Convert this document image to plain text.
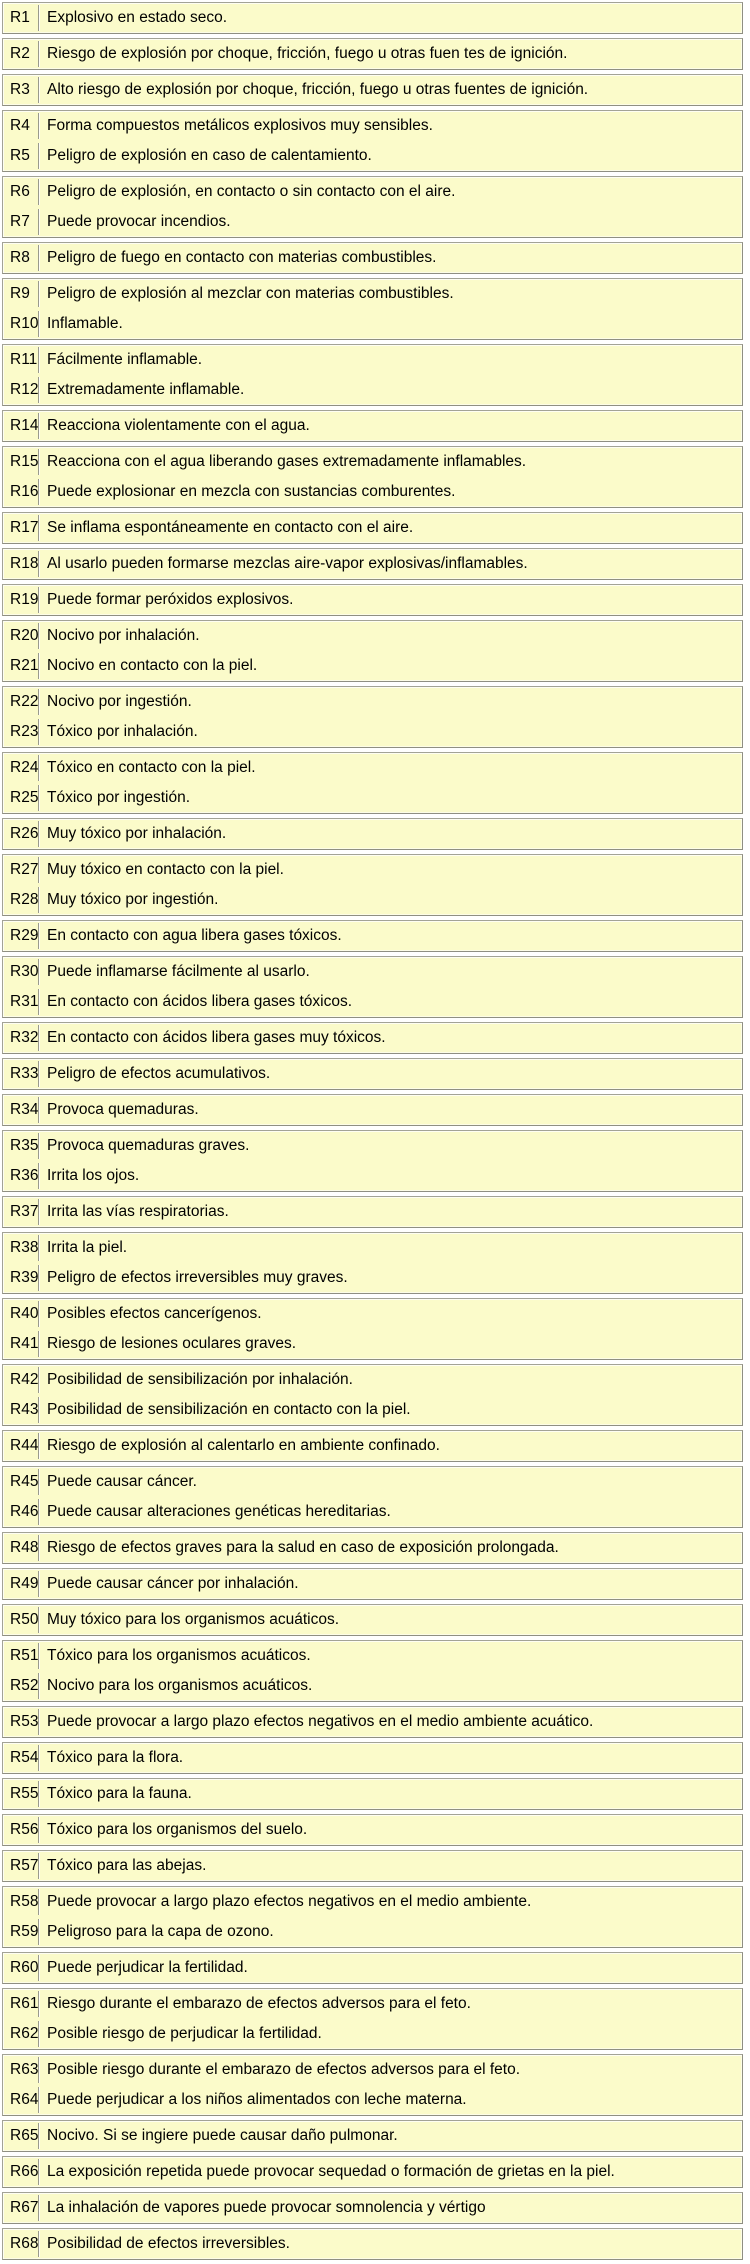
R1	Explosivo en estado seco.
R2	Riesgo de explosión por choque, fricción, fuego u otras fuen tes de ignición.
R3	Alto riesgo de explosión por choque, fricción, fuego u otras fuentes de ignición.
R4	Forma compuestos metálicos explosivos muy sensibles.
R5	Peligro de explosión en caso de calentamiento.
R6	Peligro de explosión, en contacto o sin contacto con el aire.
R7	Puede provocar incendios.
R8	Peligro de fuego en contacto con materias combustibles.
R9	Peligro de explosión al mezclar con materias combustibles.
R10 Inflamable.
R11 Fácilmente inflamable.
R12 Extremadamente inflamable.
R14 Reacciona violentamente con el agua.
R15 Reacciona con el agua liberando gases extremadamente inflamables.
R16 Puede explosionar en mezcla con sustancias comburentes.
R17 Se inflama espontáneamente en contacto con el aire.
R18 Al usarlo pueden formarse mezclas aire-vapor explosivas/inflamables.
R19 Puede formar peróxidos explosivos.
R20 Nocivo por inhalación.
R21 Nocivo en contacto con la piel.
R22 Nocivo por ingestión.
R23 Tóxico por inhalación.
R24 Tóxico en contacto con la piel.
R25 Tóxico por ingestión.
R26 Muy tóxico por inhalación.
R27 Muy tóxico en contacto con la piel.
R28 Muy tóxico por ingestión.
R29 En contacto con agua libera gases tóxicos.
R30 Puede inflamarse fácilmente al usarlo.
R31 En contacto con ácidos libera gases tóxicos.
R32 En contacto con ácidos libera gases muy tóxicos.
R33 Peligro de efectos acumulativos.
R34 Provoca quemaduras.
R35 Provoca quemaduras graves.
R36 Irrita los ojos.
R37 Irrita las vías respiratorias.
R38 Irrita la piel.
R39 Peligro de efectos irreversibles muy graves.
R40 Posibles efectos cancerígenos.
R41 Riesgo de lesiones oculares graves.
R42 Posibilidad de sensibilización por inhalación.
R43 Posibilidad de sensibilización en contacto con la piel.
R44 Riesgo de explosión al calentarlo en ambiente confinado.
R45 Puede causar cáncer.
R46 Puede causar alteraciones genéticas hereditarias.
R48 Riesgo de efectos graves para la salud en caso de exposición prolongada.
R49 Puede causar cáncer por inhalación.
R50 Muy tóxico para los organismos acuáticos.
R51 Tóxico para los organismos acuáticos.
R52 Nocivo para los organismos acuáticos.
R53 Puede provocar a largo plazo efectos negativos en el medio ambiente acuático.
R54 Tóxico para la flora.
R55 Tóxico para la fauna.
R56 Tóxico para los organismos del suelo.
R57 Tóxico para las abejas.
R58 Puede provocar a largo plazo efectos negativos en el medio ambiente.
R59 Peligroso para la capa de ozono.
R60 Puede perjudicar la fertilidad.
R61 Riesgo durante el embarazo de efectos adversos para el feto.
R62 Posible riesgo de perjudicar la fertilidad.
R63 Posible riesgo durante el embarazo de efectos adversos para el feto.
R64 Puede perjudicar a los niños alimentados con leche materna.
R65 Nocivo. Si se ingiere puede causar daño pulmonar.
R66 La exposición repetida puede provocar sequedad o formación de grietas en la piel.
R67 La inhalación de vapores puede provocar somnolencia y vértigo
R68 Posibilidad de efectos irreversibles.
